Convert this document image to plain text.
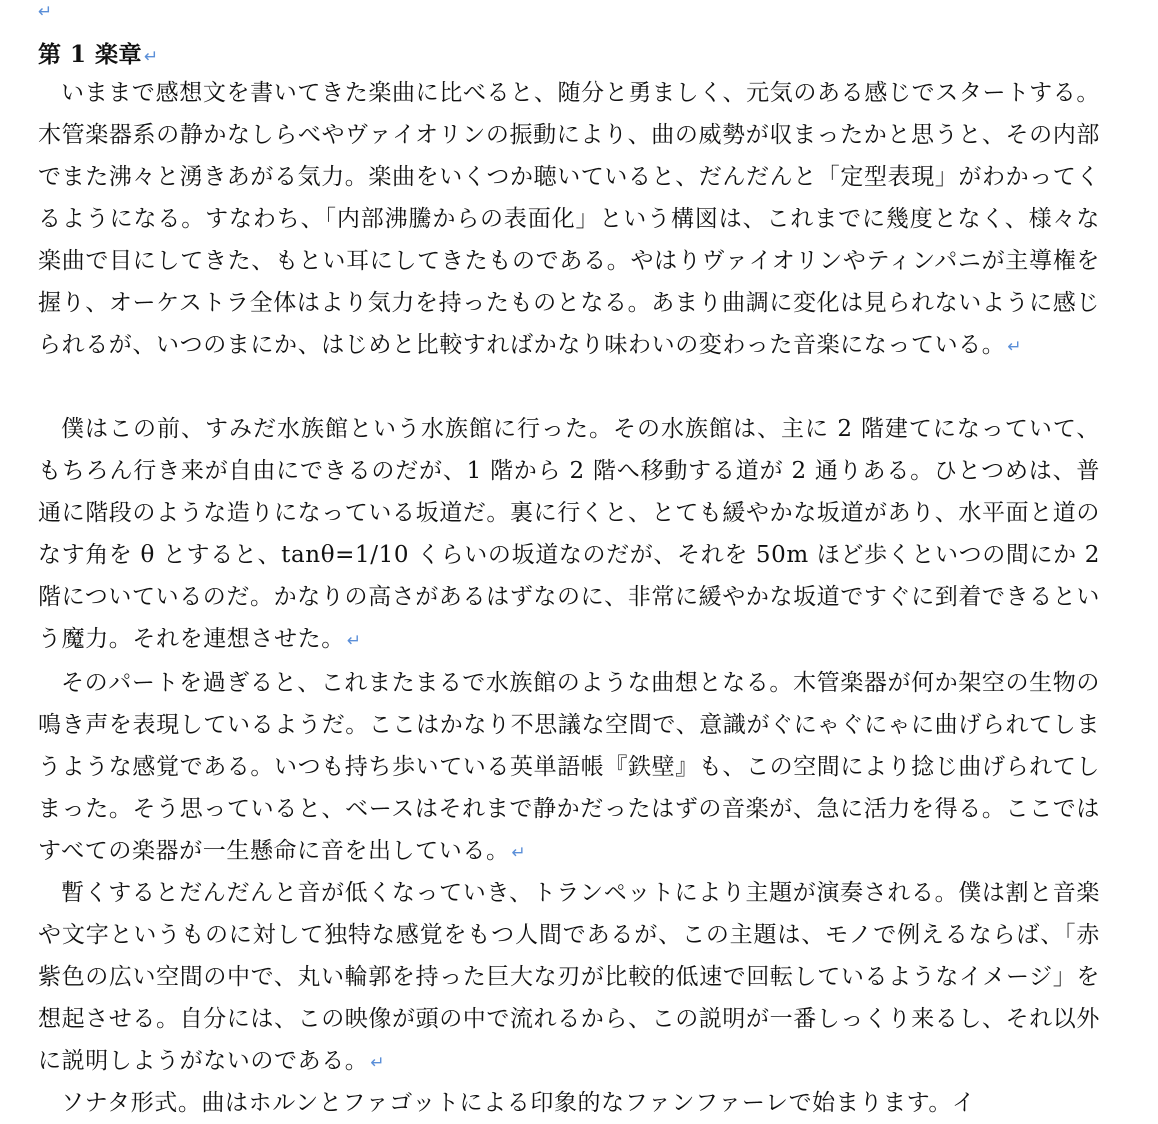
↵
第 1 楽章 ↵

いままで感想文を書いてきた楽曲に比べると、随分と勇ましく、元気のある感じでスタートする。木管楽器系の静かなしらべやヴァイオリンの振動により、曲の威勢が収まったかと思うと、その内部でまた沸々と湧きあがる気力。楽曲をいくつか聴いていると、だんだんと「定型表現」がわかってくるようになる。すなわち、「内部沸騰からの表面化」という構図は、これまでに幾度となく、様々な楽曲で目にしてきた、もとい耳にしてきたものである。やはりヴァイオリンやティンパニが主導権を握り、オーケストラ全体はより気力を持ったものとなる。あまり曲調に変化は見られないように感じられるが、いつのまにか、はじめと比較すればかなり味わいの変わった音楽になっている。 ↵

僕はこの前、すみだ水族館という水族館に行った。その水族館は、主に 2 階建てになっていて、もちろん行き来が自由にできるのだが、1 階から 2 階へ移動する道が 2 通りある。ひとつめは、普通に階段のような造りになっている坂道だ。裏に行くと、とても緩やかな坂道があり、水平面と道のなす角を θ とすると、tanθ=1/10 くらいの坂道なのだが、それを 50m ほど歩くといつの間にか 2 階についているのだ。かなりの高さがあるはずなのに、非常に緩やかな坂道ですぐに到着できるという魔力。それを連想させた。 ↵

そのパートを過ぎると、これまたまるで水族館のような曲想となる。木管楽器が何か架空の生物の鳴き声を表現しているようだ。ここはかなり不思議な空間で、意識がぐにゃぐにゃに曲げられてしまうような感覚である。いつも持ち歩いている英単語帳『鉄壁』も、この空間により捻じ曲げられてしまった。そう思っていると、ベースはそれまで静かだったはずの音楽が、急に活力を得る。ここではすべての楽器が一生懸命に音を出している。 ↵

暫くするとだんだんと音が低くなっていき、トランペットにより主題が演奏される。僕は割と音楽や文字というものに対して独特な感覚をもつ人間であるが、この主題は、モノで例えるならば、「赤紫色の広い空間の中で、丸い輪郭を持った巨大な刃が比較的低速で回転しているようなイメージ」を想起させる。自分には、この映像が頭の中で流れるから、この説明が一番しっくり来るし、それ以外に説明しようがないのである。 ↵

ソナタ形式。曲はホルンとファゴットによる印象的なファンファーレで始まります。イ
